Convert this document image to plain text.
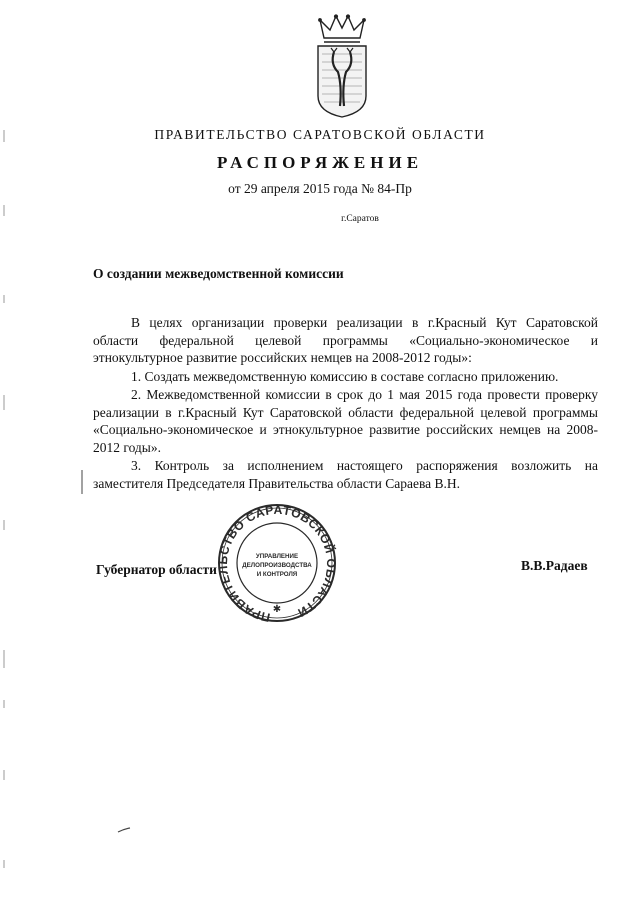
ПРАВИТЕЛЬСТВО САРАТОВСКОЙ ОБЛАСТИ
РАСПОРЯЖЕНИЕ
от 29 апреля 2015 года № 84-Пр
г.Саратов
О создании межведомственной комиссии

В целях организации проверки реализации в г.Красный Кут Саратовской области федеральной целевой программы «Социально-экономическое и этнокультурное развитие российских немцев на 2008-2012 годы»:

1. Создать межведомственную комиссию в составе согласно приложению.

2. Межведомственной комиссии в срок до 1 мая 2015 года провести проверку реализации в г.Красный Кут Саратовской области федеральной целевой программы «Социально-экономическое и этнокультурное развитие российских немцев на 2008-2012 годы».

3. Контроль за исполнением настоящего распоряжения возложить на заместителя Председателя Правительства области Сараева В.Н.

Губернатор области	В.В.Радаев
ПРАВИТЕЛЬСТВО САРАТОВСКОЙ ОБЛАСТИ
✱
УПРАВЛЕНИЕ
ДЕЛОПРОИЗВОДСТВА
И КОНТРОЛЯ
